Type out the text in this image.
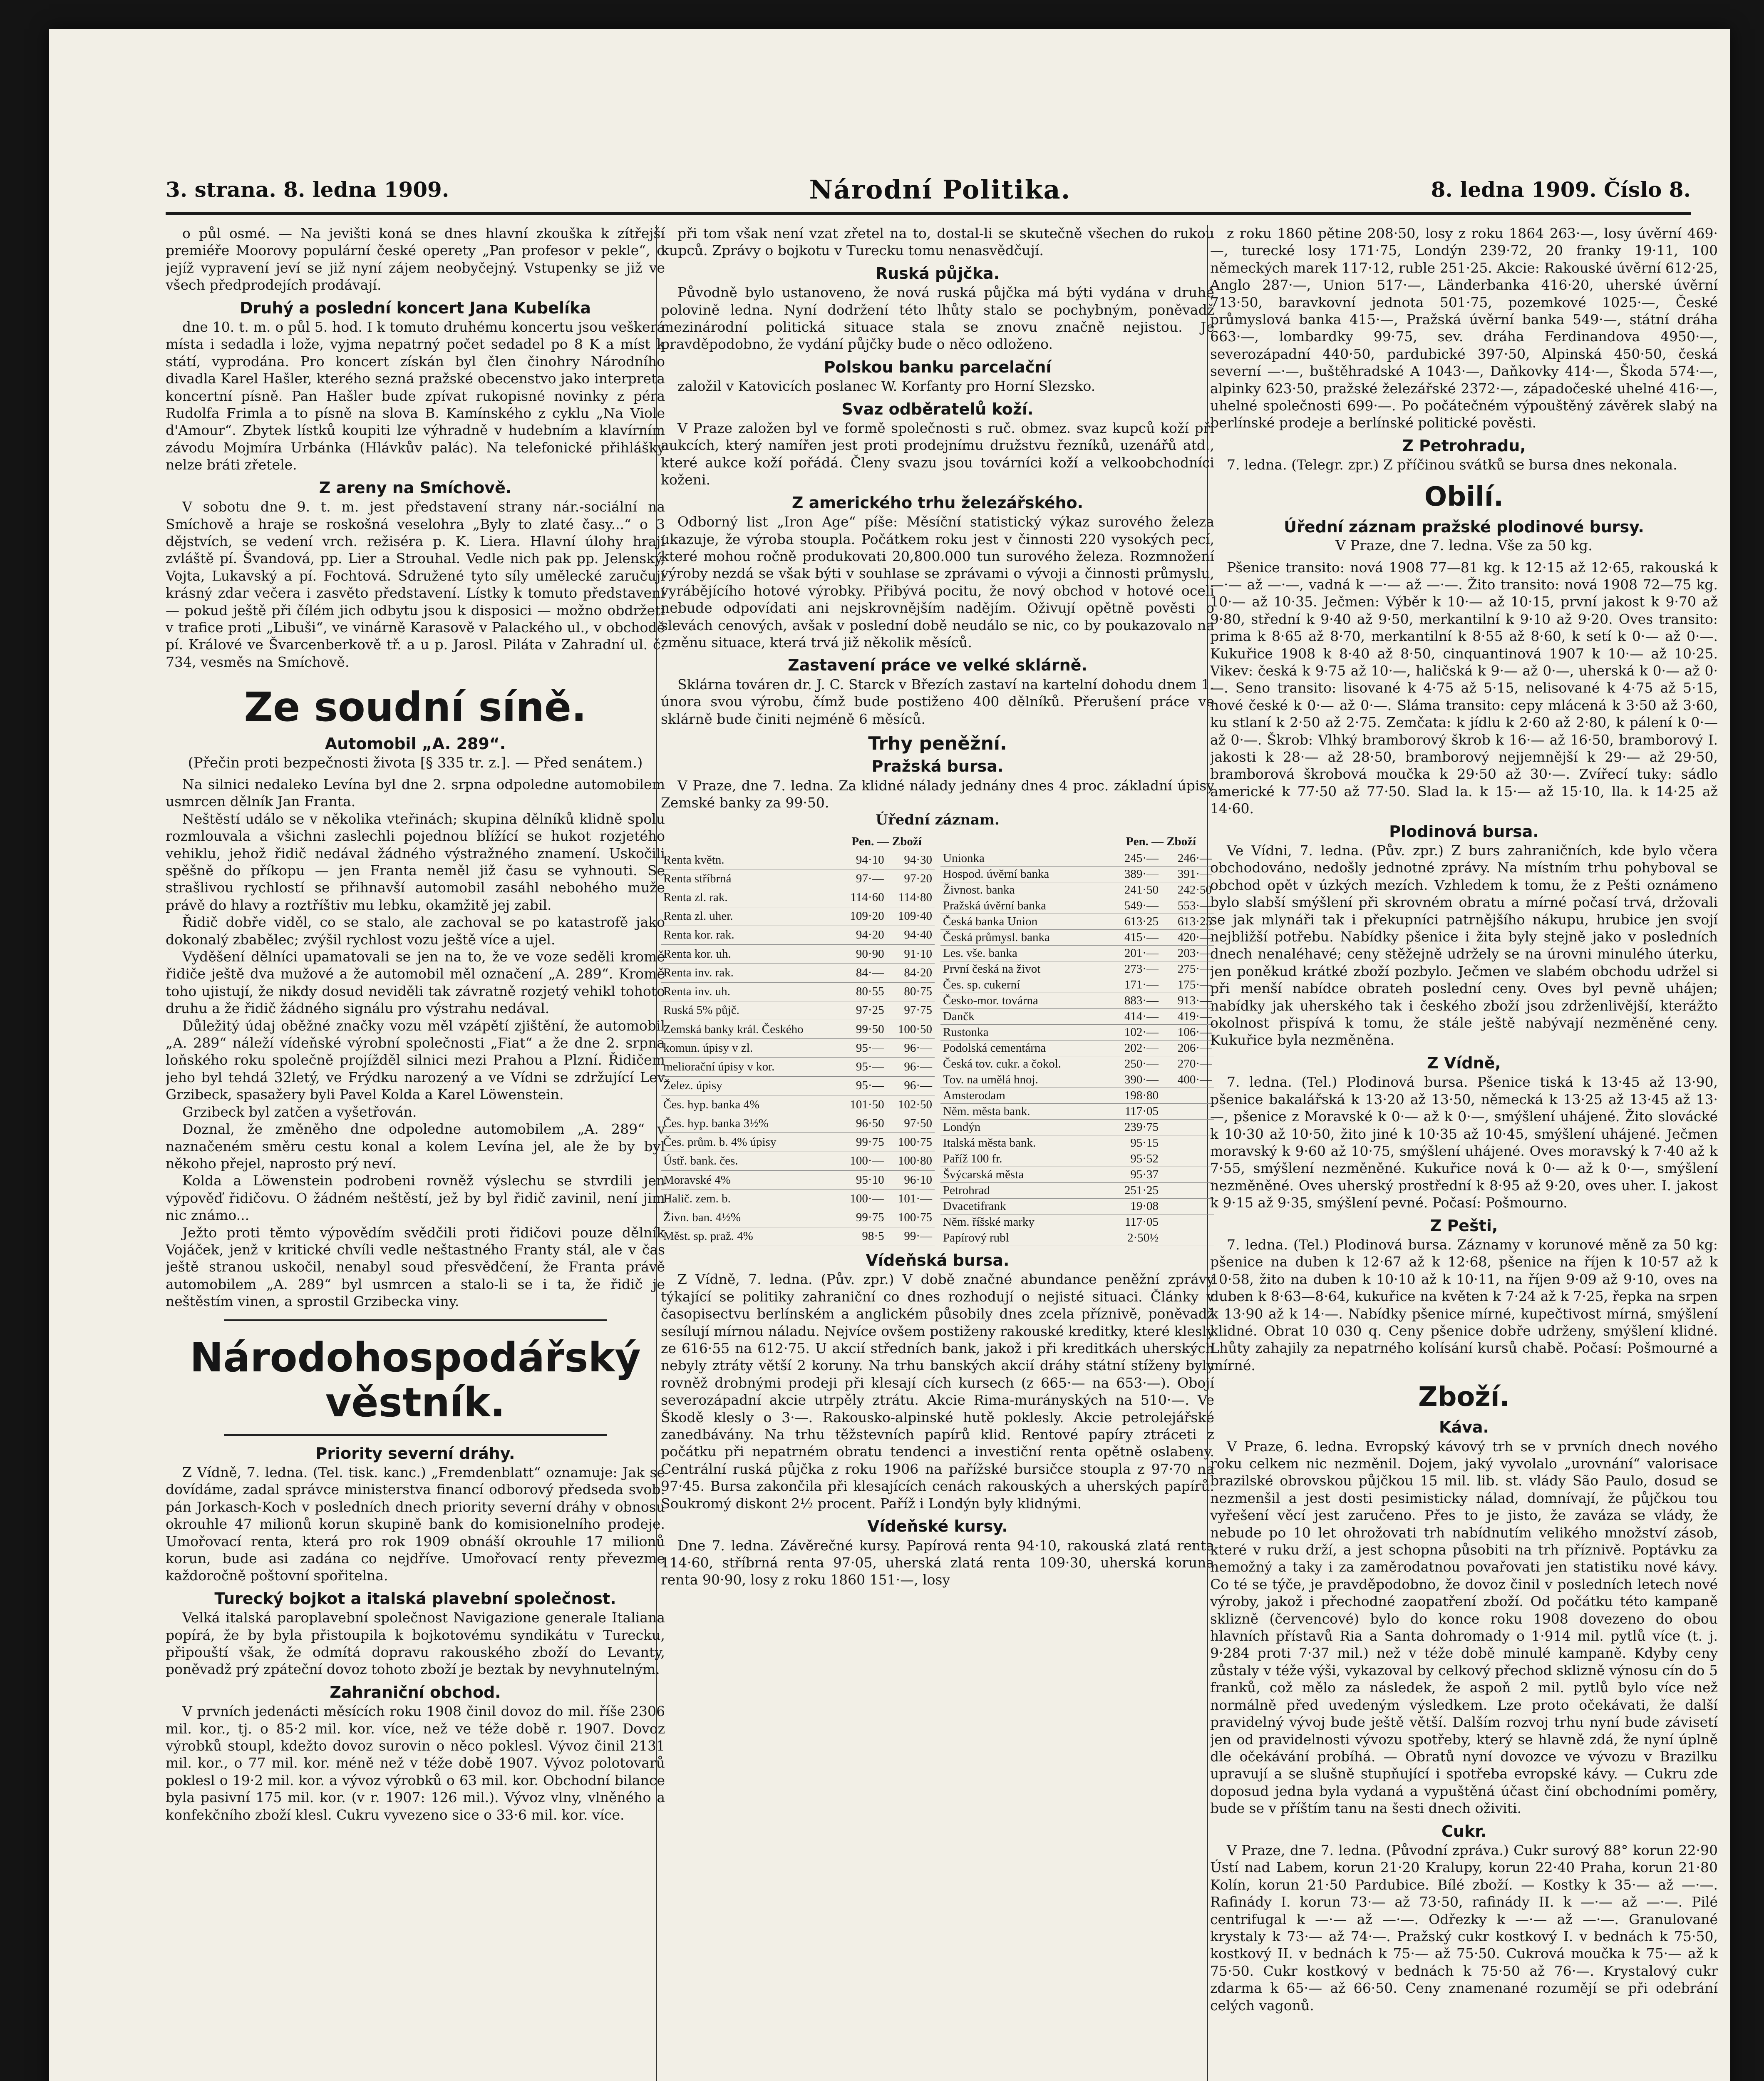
3. strana. 8. ledna 1909.	Národní Politika.	8. ledna 1909. Číslo 8.

o půl osmé. — Na jevišti koná se dnes hlavní zkouška k zítřejší premiéře Moorovy populární české operety „Pan profesor v pekle“, o jejíž vypravení jeví se již nyní zájem neobyčejný. Vstupenky se již ve všech předprodejích prodávají.

Druhý a poslední koncert Jana Kubelíka

dne 10. t. m. o půl 5. hod. I k tomuto druhému koncertu jsou veškerá místa i sedadla i lože, vyjma nepatrný počet sedadel po 8 K a míst k státí, vyprodána. Pro koncert získán byl člen činohry Národního divadla Karel Hašler, kterého sezná pražské obecenstvo jako interpreta koncertní písně. Pan Hašler bude zpívat rukopisné novinky z péra Rudolfa Frimla a to písně na slova B. Kamínského z cyklu „Na Viole d'Amour“. Zbytek lístků koupiti lze výhradně v hudebním a klavírním závodu Mojmíra Urbánka (Hlávkův palác). Na telefonické přihlášky nelze bráti zřetele.

Z areny na Smíchově.

V sobotu dne 9. t. m. jest představení strany nár.-sociální na Smíchově a hraje se roskošná veselohra „Byly to zlaté časy...“ o 3 dějstvích, se vedení vrch. režiséra p. K. Liera. Hlavní úlohy hrají zvláště pí. Švandová, pp. Lier a Strouhal. Vedle nich pak pp. Jelenský, Vojta, Lukavský a pí. Fochtová. Sdružené tyto síly umělecké zaručují krásný zdar večera i zasvěto představení. Lístky k tomuto představení — pokud ještě při čílém jich odbytu jsou k disposici — možno obdržeti v trafice proti „Libuši“, ve vinárně Karasově v Palackého ul., v obchodě pí. Králové ve Švarcenberkově tř. a u p. Jarosl. Piláta v Zahradní ul. č. 734, vesměs na Smíchově.

Ze soudní síně.
Automobil „A. 289“.
(Přečin proti bezpečnosti života [§ 335 tr. z.]. — Před senátem.)

Na silnici nedaleko Levína byl dne 2. srpna odpoledne automobilem usmrcen dělník Jan Franta.

Neštěstí událo se v několika vteřinách; skupina dělníků klidně spolu rozmlouvala a všichni zaslechli pojednou blížící se hukot rozjetého vehiklu, jehož řidič nedával žádného výstražného znamení. Uskočili spěšně do příkopu — jen Franta neměl již času se vyhnouti. Se strašlivou rychlostí se přihnavší automobil zasáhl nebohého muže právě do hlavy a roztříštiv mu lebku, okamžitě jej zabil.

Řidič dobře viděl, co se stalo, ale zachoval se po katastrofě jako dokonalý zbabělec; zvýšil rychlost vozu ještě více a ujel.

Vyděšení dělníci upamatovali se jen na to, že ve voze seděli kromě řidiče ještě dva mužové a že automobil měl označení „A. 289“. Kromě toho ujistují, že nikdy dosud neviděli tak závratně rozjetý vehikl tohoto druhu a že řidič žádného signálu pro výstrahu nedával.

Důležitý údaj oběžné značky vozu měl vzápětí zjištění, že automobil „A. 289“ náleží vídeňské výrobní společnosti „Fiat“ a že dne 2. srpna loňského roku společně projížděl silnici mezi Prahou a Plzní. Řidičem jeho byl tehdá 32letý, ve Frýdku narozený a ve Vídni se zdržující Lev Grzibeck, spasažery byli Pavel Kolda a Karel Löwenstein.

Grzibeck byl zatčen a vyšetřován.

Doznal, že změněho dne odpoledne automobilem „A. 289“ v naznačeném směru cestu konal a kolem Levína jel, ale že by byl někoho přejel, naprosto prý neví.

Kolda a Löwenstein podrobeni rovněž výslechu se stvrdili jen výpověď řidičovu. O žádném neštěstí, jež by byl řidič zavinil, není jim nic známo...

Ježto proti těmto výpovědím svědčili proti řidičovi pouze dělník Vojáček, jenž v kritické chvíli vedle neštastného Franty stál, ale v čas ještě stranou uskočil, nenabyl soud přesvědčení, že Franta právě automobilem „A. 289“ byl usmrcen a stalo-li se i ta, že řidič je neštěstím vinen, a sprostil Grzibecka viny.

Národohospodářský věstník.
Priority severní dráhy.

Z Vídně, 7. ledna. (Tel. tisk. kanc.) „Fremdenblatt“ oznamuje: Jak se dovídáme, zadal správce ministerstva financí odborový předseda svob. pán Jorkasch-Koch v posledních dnech priority severní dráhy v obnosu okrouhle 47 milionů korun skupině bank do komisionelního prodeje. Umořovací renta, která pro rok 1909 obnáší okrouhle 17 milionů korun, bude asi zadána co nejdříve. Umořovací renty převezme každoročně poštovní spořitelna.

Turecký bojkot a italská plavební společnost.

Velká italská paroplavební společnost Navigazione generale Italiana popírá, že by byla přistoupila k bojkotovému syndikátu v Turecku, připouští však, že odmítá dopravu rakouského zboží do Levanty, poněvadž prý zpáteční dovoz tohoto zboží je beztak by nevyhnutelným.

Zahraniční obchod.

V prvních jedenácti měsících roku 1908 činil dovoz do mil. říše 2306 mil. kor., tj. o 85·2 mil. kor. více, než ve téže době r. 1907. Dovoz výrobků stoupl, kdežto dovoz surovin o něco poklesl. Vývoz činil 2131 mil. kor., o 77 mil. kor. méně než v téže době 1907. Vývoz polotovarů poklesl o 19·2 mil. kor. a vývoz výrobků o 63 mil. kor. Obchodní bilance byla pasivní 175 mil. kor. (v r. 1907: 126 mil.). Vývoz vlny, vlněného a konfekčního zboží klesl. Cukru vyvezeno sice o 33·6 mil. kor. více.

při tom však není vzat zřetel na to, dostal-li se skutečně všechen do rukou kupců. Zprávy o bojkotu v Turecku tomu nenasvědčují.

Ruská půjčka.

Původně bylo ustanoveno, že nová ruská půjčka má býti vydána v druhé polovině ledna. Nyní dodržení této lhůty stalo se pochybným, poněvadž mezinárodní politická situace stala se znovu značně nejistou. Je pravděpodobno, že vydání půjčky bude o něco odloženo.

Polskou banku parcelační

založil v Katovicích poslanec W. Korfanty pro Horní Slezsko.

Svaz odběratelů koží.

V Praze založen byl ve formě společnosti s ruč. obmez. svaz kupců koží při aukcích, který namířen jest proti prodejnímu družstvu řezníků, uzenářů atd., které aukce koží pořádá. Členy svazu jsou továrníci koží a velkoobchodníci koženi.

Z amerického trhu železářského.

Odborný list „Iron Age“ píše: Měsíční statistický výkaz surového železa ukazuje, že výroba stoupla. Počátkem roku jest v činnosti 220 vysokých pecí, které mohou ročně produkovati 20,800.000 tun surového železa. Rozmnožení výroby nezdá se však býti v souhlase se zprávami o vývoji a činnosti průmyslu, vyrábějícího hotové výrobky. Přibývá pocitu, že nový obchod v hotové oceli nebude odpovídati ani nejskrovnějším nadějím. Oživují opětně pověsti o slevách cenových, avšak v poslední době neudálo se nic, co by poukazovalo na změnu situace, která trvá již několik měsíců.

Zastavení práce ve velké sklárně.

Sklárna továren dr. J. C. Starck v Březích zastaví na kartelní dohodu dnem 1. února svou výrobu, čímž bude postiženo 400 dělníků. Přerušení práce ve sklárně bude činiti nejméně 6 měsíců.

Trhy peněžní.
Pražská bursa.

V Praze, dne 7. ledna. Za klidné nálady jednány dnes 4 proc. základní úpisy Zemské banky za 99·50.

Úřední záznam.
	Pen. — Zboží	
Renta květn.	94·10	94·30
Renta stříbrná	97·—	97·20
Renta zl. rak.	114·60	114·80
Renta zl. uher.	109·20	109·40
Renta kor. rak.	94·20	94·40
Renta kor. uh.	90·90	91·10
Renta inv. rak.	84·—	84·20
Renta inv. uh.	80·55	80·75
Ruská 5% půjč.	97·25	97·75
Zemská banky král. Českého	99·50	100·50
komun. úpisy v zl.	95·—	96·—
meliorační úpisy v kor.	95·—	96·—
Želez. úpisy	95·—	96·—
Čes. hyp. banka 4%	101·50	102·50
Čes. hyp. banka 3½%	96·50	97·50
Čes. prům. b. 4% úpisy	99·75	100·75
Ústř. bank. čes.	100·—	100·80
Moravské 4%	95·10	96·10
Halič. zem. b.	100·—	101·—
Živn. ban. 4½%	99·75	100·75
Měst. sp. praž. 4%	98·5	99·—
	Pen. — Zboží	
Unionka	245·—	246·—
Hospod. úvěrní banka	389·—	391·—
Živnost. banka	241·50	242·50
Pražská úvěrní banka	549·—	553·—
Česká banka Union	613·25	613·25
Česká průmysl. banka	415·—	420·—
Les. vše. banka	201·—	203·—
První česká na život	273·—	275·—
Čes. sp. cukerní	171·—	175·—
Česko-mor. továrna	883·—	913·—
Dančk	414·—	419·—
Rustonka	102·—	106·—
Podolská cementárna	202·—	206·—
Česká tov. cukr. a čokol.	250·—	270·—
Tov. na umělá hnoj.	390·—	400·—
Amsterodam	198·80	
Něm. města bank.	117·05	
Londýn	239·75	
Italská města bank.	95·15	
Paříž 100 fr.	95·52	
Švýcarská města	95·37	
Petrohrad	251·25	
Dvacetifrank	19·08	
Něm. říšské marky	117·05	
Papírový rubl	2·50½	
Vídeňská bursa.

Z Vídně, 7. ledna. (Pův. zpr.) V době značné abundance peněžní zprávy týkající se politiky zahraniční co dnes rozhodují o nejisté situaci. Články v časopisectvu berlínském a anglickém působily dnes zcela příznivě, poněvadž sesílují mírnou náladu. Nejvíce ovšem postiženy rakouské kreditky, které klesly ze 616·55 na 612·75. U akcií středních bank, jakož i při kreditkách uherských nebyly ztráty větší 2 koruny. Na trhu banských akcií dráhy státní stíženy byly rovněž drobnými prodeji při klesají cích kursech (z 665·— na 653·—). Obojí severozápadní akcie utrpěly ztrátu. Akcie Rima-murányských na 510·—. Ve Škodě klesly o 3·—. Rakousko-alpinské hutě poklesly. Akcie petrolejářské zanedbávány. Na trhu těžstevních papírů klid. Rentové papíry ztráceti z počátku při nepatrném obratu tendenci a investiční renta opětně oslabeny. Centrální ruská půjčka z roku 1906 na pařížské bursičce stoupla z 97·70 na 97·45. Bursa zakončila při klesajících cenách rakouských a uherských papírů. Soukromý diskont 2½ procent. Paříž i Londýn byly klidnými.

Vídeňské kursy.

Dne 7. ledna. Závěrečné kursy. Papírová renta 94·10, rakouská zlatá renta 114·60, stříbrná renta 97·05, uherská zlatá renta 109·30, uherská koruna renta 90·90, losy z roku 1860 151·—, losy

z roku 1860 pětine 208·50, losy z roku 1864 263·—, losy úvěrní 469·—, turecké losy 171·75, Londýn 239·72, 20 franky 19·11, 100 německých marek 117·12, ruble 251·25. Akcie: Rakouské úvěrní 612·25, Anglo 287·—, Union 517·—, Länderbanka 416·20, uherské úvěrní 713·50, baravkovní jednota 501·75, pozemkové 1025·—, České průmyslová banka 415·—, Pražská úvěrní banka 549·—, státní dráha 663·—, lombardky 99·75, sev. dráha Ferdinandova 4950·—, severozápadní 440·50, pardubické 397·50, Alpinská 450·50, česká severní —·—, buštěhradské A 1043·—, Daňkovky 414·—, Škoda 574·—, alpinky 623·50, pražské železářské 2372·—, západočeské uhelné 416·—, uhelné společnosti 699·—. Po počátečném výpouštěný závěrek slabý na berlínské prodeje a berlínské politické pověsti.

Z Petrohradu,

7. ledna. (Telegr. zpr.) Z příčinou svátků se bursa dnes nekonala.

Obilí.
Úřední záznam pražské plodinové bursy.
V Praze, dne 7. ledna. Vše za 50 kg.

Pšenice transito: nová 1908 77—81 kg. k 12·15 až 12·65, rakouská k —·— až —·—, vadná k —·— až —·—. Žito transito: nová 1908 72—75 kg. 10·— až 10·35. Ječmen: Výběr k 10·— až 10·15, první jakost k 9·70 až 9·80, střední k 9·40 až 9·50, merkantilní k 9·10 až 9·20. Oves transito: prima k 8·65 až 8·70, merkantilní k 8·55 až 8·60, k setí k 0·— až 0·—. Kukuřice 1908 k 8·40 až 8·50, cinquantinová 1907 k 10·— až 10·25. Vikev: česká k 9·75 až 10·—, haličská k 9·— až 0·—, uherská k 0·— až 0·—. Seno transito: lisované k 4·75 až 5·15, nelisované k 4·75 až 5·15, nové české k 0·— až 0·—. Sláma transito: cepy mlácená k 3·50 až 3·60, ku stlaní k 2·50 až 2·75. Zemčata: k jídlu k 2·60 až 2·80, k pálení k 0·— až 0·—. Škrob: Vlhký bramborový škrob k 16·— až 16·50, bramborový I. jakosti k 28·— až 28·50, bramborový nejjemnější k 29·— až 29·50, bramborová škrobová moučka k 29·50 až 30·—. Zvířecí tuky: sádlo americké k 77·50 až 77·50. Slad la. k 15·— až 15·10, lla. k 14·25 až 14·60.

Plodinová bursa.

Ve Vídni, 7. ledna. (Pův. zpr.) Z burs zahraničních, kde bylo včera obchodováno, nedošly jednotné zprávy. Na místním trhu pohyboval se obchod opět v úzkých mezích. Vzhledem k tomu, že z Pešti oznámeno bylo slabší smýšlení při skrovném obratu a mírné počasí trvá, držovali se jak mlynáři tak i překupníci patrnějšího nákupu, hrubice jen svojí nejbližší potřebu. Nabídky pšenice i žita byly stejně jako v posledních dnech nenaléhavé; ceny stěžejně udržely se na úrovni minulého úterku, jen poněkud krátké zboží pozbylo. Ječmen ve slabém obchodu udržel si při menší nabídce obrateh poslední ceny. Oves byl pevně uhájen; nabídky jak uherského tak i českého zboží jsou zdrženlivější, kterážto okolnost přispívá k tomu, že stále ještě nabývají nezměněné ceny. Kukuřice byla nezměněna.

Z Vídně,

7. ledna. (Tel.) Plodinová bursa. Pšenice tiská k 13·45 až 13·90, pšenice bakalářská k 13·20 až 13·50, německá k 13·25 až 13·45 až 13·—, pšenice z Moravské k 0·— až k 0·—, smýšlení uhájené. Žito slovácké k 10·30 až 10·50, žito jiné k 10·35 až 10·45, smýšlení uhájené. Ječmen moravský k 9·60 až 10·75, smýšlení uhájené. Oves moravský k 7·40 až k 7·55, smýšlení nezměněné. Kukuřice nová k 0·— až k 0·—, smýšlení nezměněné. Oves uherský prostřední k 8·95 až 9·20, oves uher. I. jakost k 9·15 až 9·35, smýšlení pevné. Počasí: Pošmourno.

Z Pešti,

7. ledna. (Tel.) Plodinová bursa. Záznamy v korunové měně za 50 kg: pšenice na duben k 12·67 až k 12·68, pšenice na říjen k 10·57 až k 10·58, žito na duben k 10·10 až k 10·11, na říjen 9·09 až 9·10, oves na duben k 8·63—8·64, kukuřice na květen k 7·24 až k 7·25, řepka na srpen k 13·90 až k 14·—. Nabídky pšenice mírné, kupečtivost mírná, smýšlení klidné. Obrat 10 030 q. Ceny pšenice dobře udrženy, smýšlení klidné. Lhůty zahajily za nepatrného kolísání kursů chabě. Počasí: Pošmourné a mírné.

Zboží.
Káva.

V Praze, 6. ledna. Evropský kávový trh se v prvních dnech nového roku celkem nic nezměnil. Dojem, jaký vyvolalo „urovnání“ valorisace brazilské obrovskou půjčkou 15 mil. lib. st. vlády São Paulo, dosud se nezmenšil a jest dosti pesimisticky nálad, domnívají, že půjčkou tou vyřešení věcí jest zaručeno. Přes to je jisto, že zaváza se vlády, že nebude po 10 let ohrožovati trh nabídnutím velikého množství zásob, které v ruku drží, a jest schopna působiti na trh příznivě. Poptávku za nemožný a taky i za zaměrodatnou povařovati jen statistiku nové kávy. Co té se týče, je pravděpodobno, že dovoz činil v posledních letech nové výroby, jakož i přechodné zaopatření zboží. Od počátku této kampaně sklizně (červencové) bylo do konce roku 1908 dovezeno do obou hlavních přístavů Ria a Santa dohromady o 1·914 mil. pytlů více (t. j. 9·284 proti 7·37 mil.) než v téže době minulé kampaně. Kdyby ceny zůstaly v téže výši, vykazoval by celkový přechod sklizně výnosu cín do 5 franků, což mělo za následek, že aspoň 2 mil. pytlů bylo více než normálně před uvedeným výsledkem. Lze proto očekávati, že další pravidelný vývoj bude ještě větší. Dalším rozvoj trhu nyní bude závisetí jen od pravidelnosti vývozu spotřeby, který se hlavně zdá, že nyní úplně dle očekávání probíhá. — Obratů nyní dovozce ve vývozu v Brazilku upravují a se slušně stupňující i spotřeba evropské kávy. — Cukru zde doposud jedna byla vydaná a vypuštěná účast činí obchodními poměry, bude se v příštím tanu na šesti dnech oživiti.

Cukr.

V Praze, dne 7. ledna. (Původní zpráva.) Cukr surový 88° korun 22·90 Ústí nad Labem, korun 21·20 Kralupy, korun 22·40 Praha, korun 21·80 Kolín, korun 21·50 Pardubice. Bílé zboží. — Kostky k 35·— až —·—. Rafinády I. korun 73·— až 73·50, rafinády II. k —·— až —·—. Pilé centrifugal k —·— až —·—. Odřezky k —·— až —·—. Granulované krystaly k 73·— až 74·—. Pražský cukr kostkový I. v bednách k 75·50, kostkový II. v bednách k 75·— až 75·50. Cukrová moučka k 75·— až k 75·50. Cukr kostkový v bednách k 75·50 až 76·—. Krystalový cukr zdarma k 65·— až 66·50. Ceny znamenané rozumějí se při odebrání celých vagonů.
